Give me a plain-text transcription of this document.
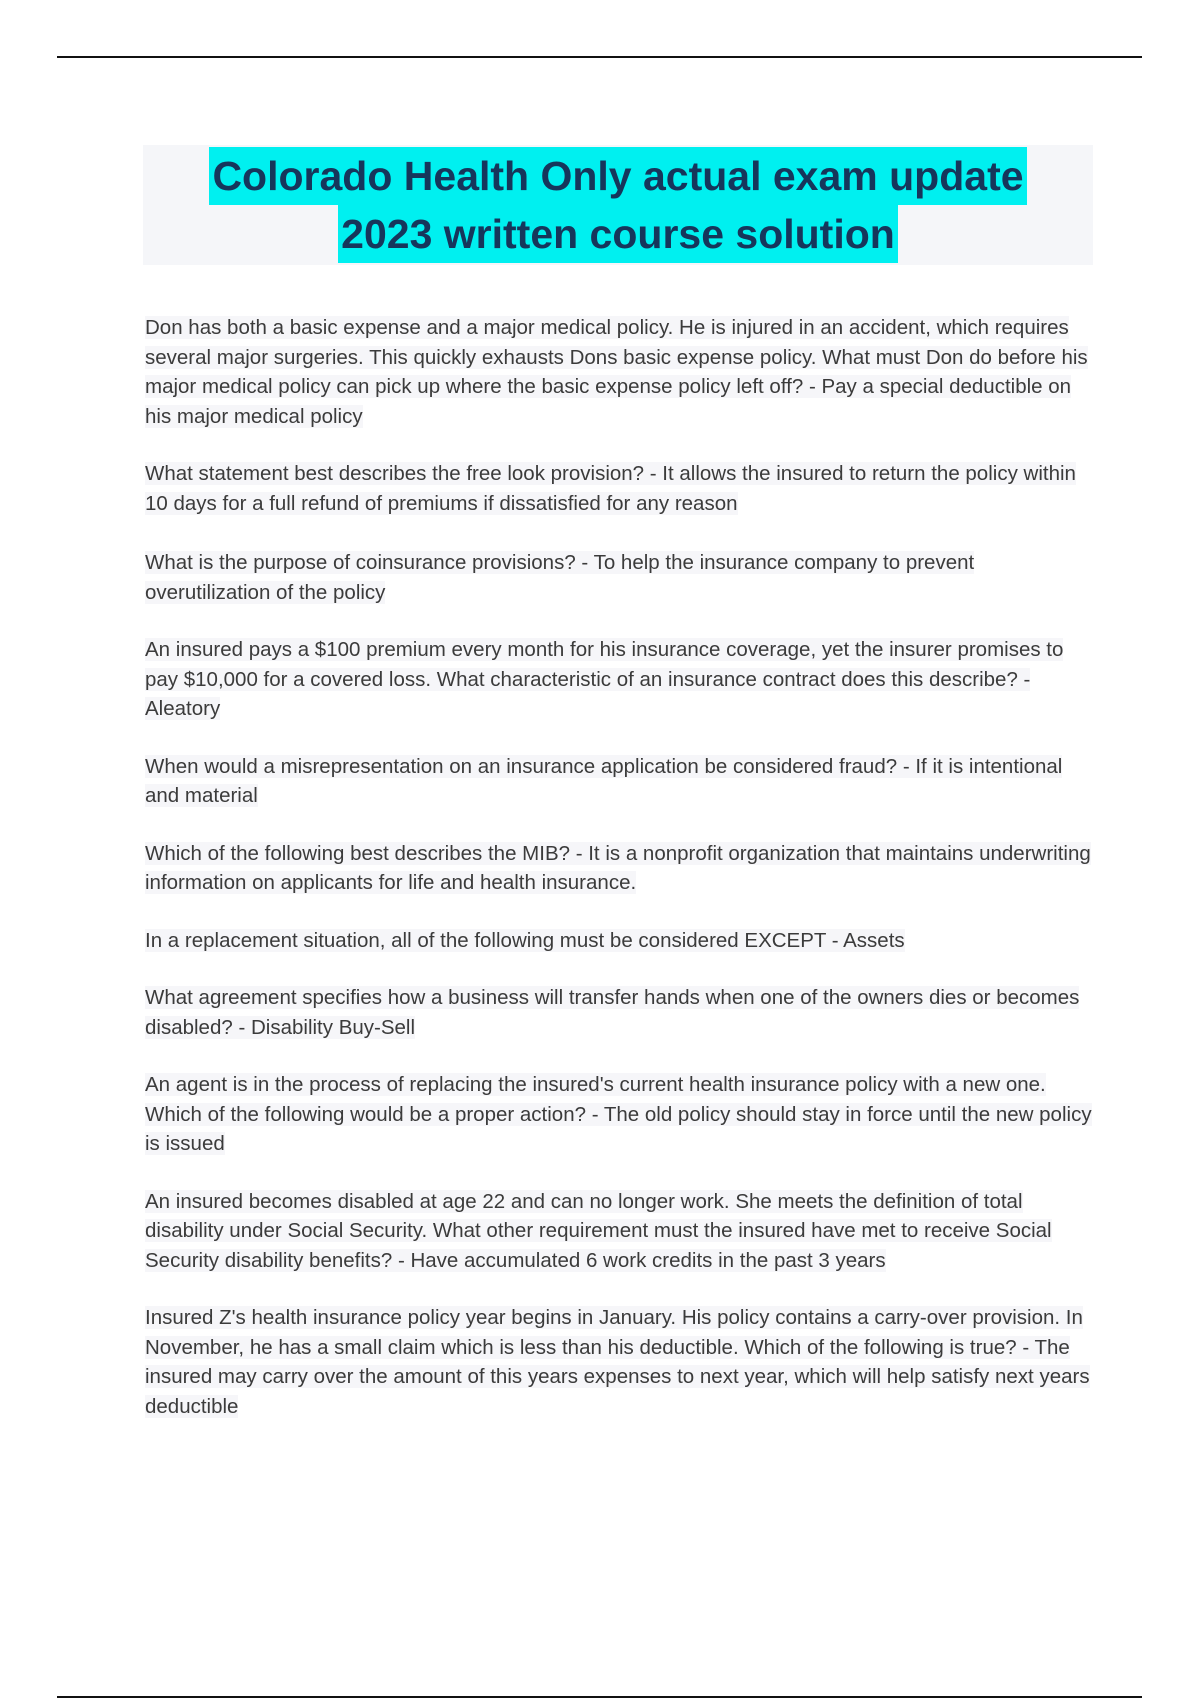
Colorado Health Only actual exam update
2023 written course solution

Don has both a basic expense and a major medical policy. He is injured in an accident, which requires several major surgeries. This quickly exhausts Dons basic expense policy. What must Don do before his major medical policy can pick up where the basic expense policy left off? - Pay a special deductible on his major medical policy

What statement best describes the free look provision? - It allows the insured to return the policy within 10 days for a full refund of premiums if dissatisfied for any reason

What is the purpose of coinsurance provisions? - To help the insurance company to prevent overutilization of the policy

An insured pays a $100 premium every month for his insurance coverage, yet the insurer promises to pay $10,000 for a covered loss. What characteristic of an insurance contract does this describe? - Aleatory

When would a misrepresentation on an insurance application be considered fraud? - If it is intentional and material

Which of the following best describes the MIB? - It is a nonprofit organization that maintains underwriting information on applicants for life and health insurance.

In a replacement situation, all of the following must be considered EXCEPT - Assets

What agreement specifies how a business will transfer hands when one of the owners dies or becomes disabled? - Disability Buy-Sell

An agent is in the process of replacing the insured's current health insurance policy with a new one. Which of the following would be a proper action? - The old policy should stay in force until the new policy is issued

An insured becomes disabled at age 22 and can no longer work. She meets the definition of total disability under Social Security. What other requirement must the insured have met to receive Social Security disability benefits? - Have accumulated 6 work credits in the past 3 years

Insured Z's health insurance policy year begins in January. His policy contains a carry-over provision. In November, he has a small claim which is less than his deductible. Which of the following is true? - The insured may carry over the amount of this years expenses to next year, which will help satisfy next years deductible
